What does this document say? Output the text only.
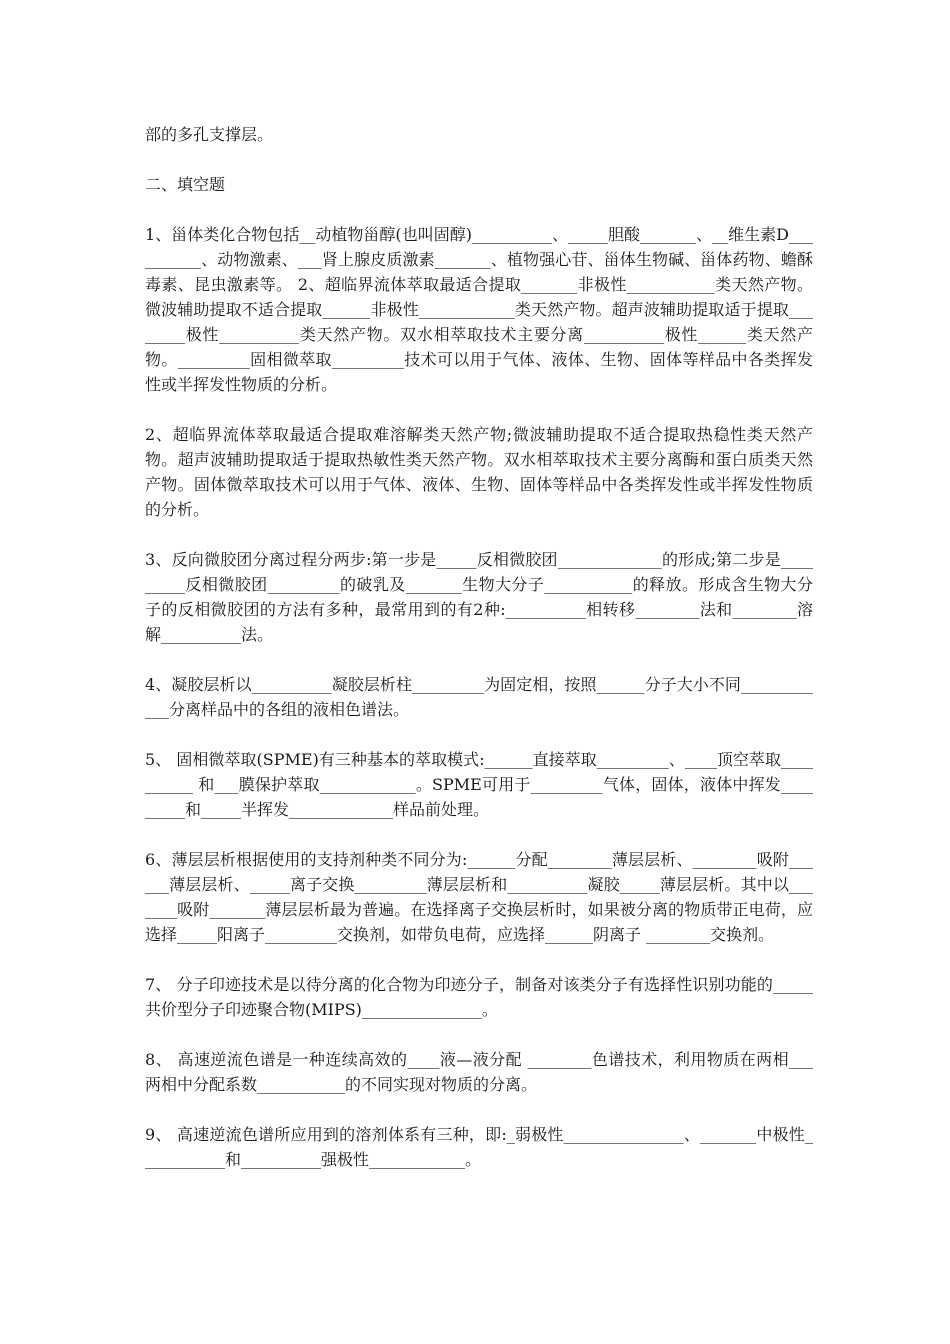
部的多孔支撑层。

二、填空题

1、甾体类化合物包括__动植物甾醇(也叫固醇)__________、_____胆酸_______、__维生素D__________、动物激素、___肾上腺皮质激素_______、植物强心苷、甾体生物碱、甾体药物、蟾酥毒素、昆虫激素等。 2、超临界流体萃取最适合提取_______非极性___________类天然产物。微波辅助提取不适合提取______非极性____________类天然产物。超声波辅助提取适于提取________极性__________类天然产物。双水相萃取技术主要分离__________极性______类天然产物。_________固相微萃取_________技术可以用于气体、液体、生物、固体等样品中各类挥发性或半挥发性物质的分析。

2、超临界流体萃取最适合提取难溶解类天然产物;微波辅助提取不适合提取热稳性类天然产物。超声波辅助提取适于提取热敏性类天然产物。双水相萃取技术主要分离酶和蛋白质类天然产物。固体微萃取技术可以用于气体、液体、生物、固体等样品中各类挥发性或半挥发性物质的分析。

3、反向微胶团分离过程分两步:第一步是_____反相微胶团_____________的形成;第二步是_________反相微胶团_________的破乳及_______生物大分子___________的释放。形成含生物大分子的反相微胶团的方法有多种，最常用到的有2种:__________相转移________法和________溶解__________法。

4、凝胶层析以__________凝胶层析柱_________为固定相，按照______分子大小不同____________分离样品中的各组的液相色谱法。

5、 固相微萃取(SPME)有三种基本的萃取模式:______直接萃取_________、____顶空萃取__________ 和___膜保护萃取____________。SPME可用于_________气体，固体，液体中挥发_________和_____半挥发_____________样品前处理。

6、薄层层析根据使用的支持剂种类不同分为:______分配________薄层层析、________吸附______薄层层析、_____离子交换_________薄层层析和__________凝胶_____薄层层析。其中以_______吸附_______薄层层析最为普遍。在选择离子交换层析时，如果被分离的物质带正电荷，应选择_____阳离子_________交换剂，如带负电荷，应选择______阴离子 ________交换剂。

7、 分子印迹技术是以待分离的化合物为印迹分子，制备对该类分子有选择性识别功能的_____共价型分子印迹聚合物(MIPS)_______________。

8、 高速逆流色谱是一种连续高效的____液—液分配 ________色谱技术，利用物质在两相___两相中分配系数___________的不同实现对物质的分离。

9、 高速逆流色谱所应用到的溶剂体系有三种，即:_弱极性_______________、_______中极性___________和__________强极性____________。
